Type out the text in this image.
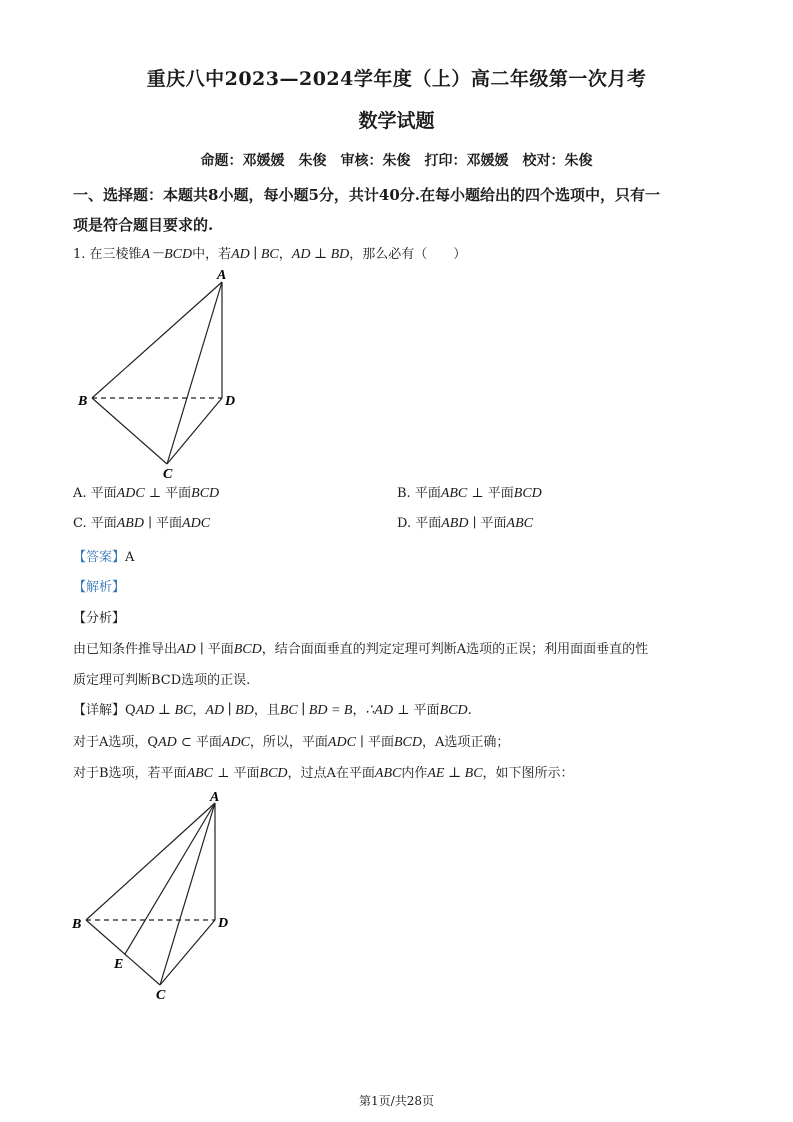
重庆八中2023—2024学年度（上）高二年级第一次月考
数学试题
命题：邓媛媛　朱俊　审核：朱俊　打印：邓媛媛　校对：朱俊
一、选择题：本题共8小题，每小题5分，共计40分.在每小题给出的四个选项中，只有一
项是符合题目要求的.
1. 在三棱锥A－BCD中，若AD ∣ BC，AD ⊥ BD，那么必有（　　）
A
B	D
C
A
B	D
E
C
A. 平面ADC ⊥ 平面BCD	B. 平面ABC ⊥ 平面BCD
C. 平面ABD ∣ 平面ADC	D. 平面ABD ∣ 平面ABC
【答案】A
【解析】
【分析】
由已知条件推导出AD ∣ 平面BCD，结合面面垂直的判定定理可判断A选项的正误；利用面面垂直的性
质定理可判断BCD选项的正误.
【详解】QAD ⊥ BC，AD ∣ BD，且BC ∣ BD = B，∴AD ⊥ 平面BCD.
对于A选项，QAD ⊂ 平面ADC，所以，平面ADC ∣ 平面BCD，A选项正确；
对于B选项，若平面ABC ⊥ 平面BCD，过点A在平面ABC内作AE ⊥ BC，如下图所示：
第1页/共28页
